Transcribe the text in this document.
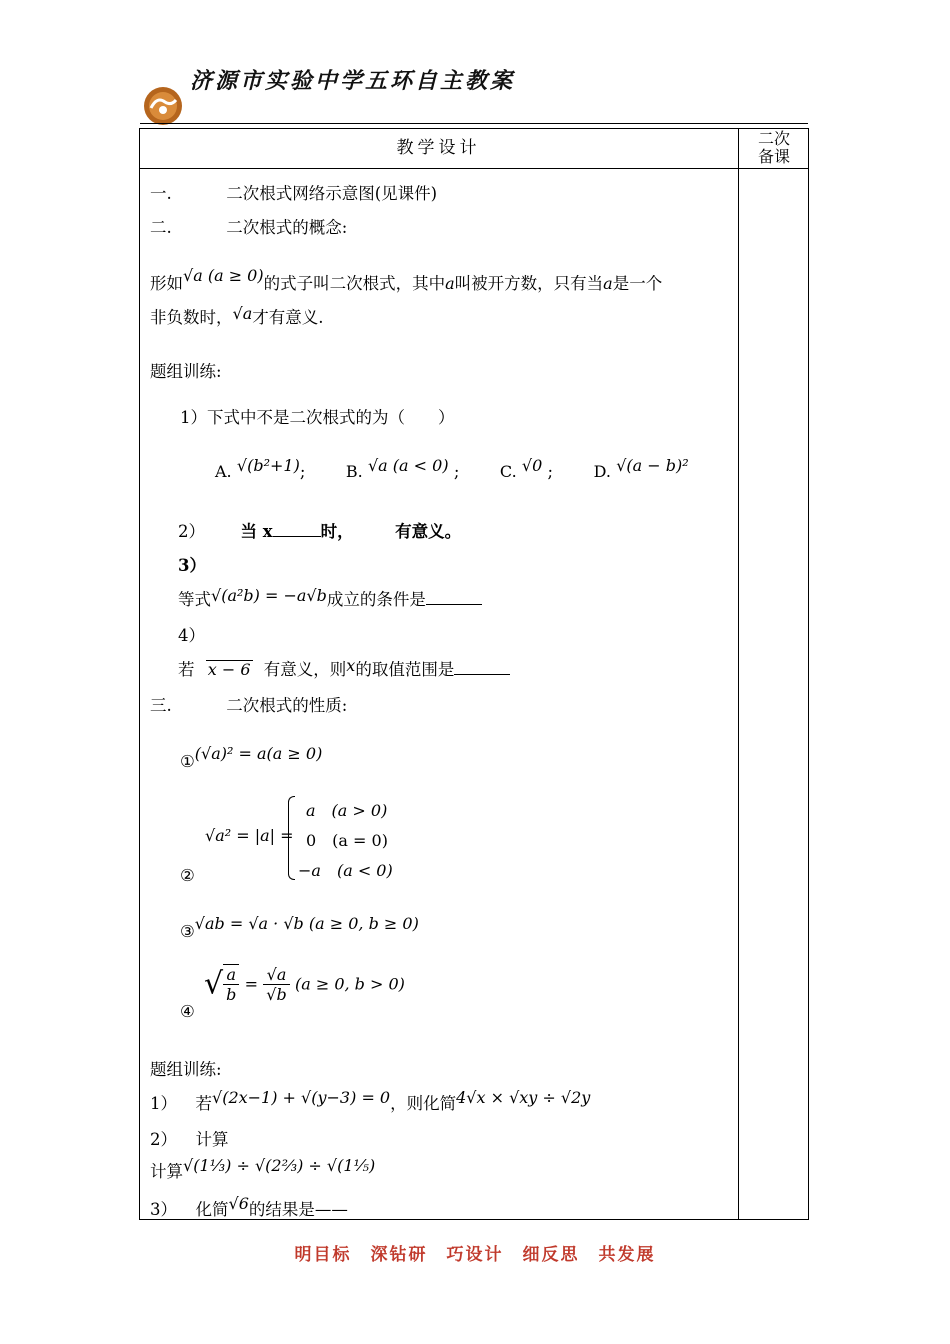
济源市实验中学五环自主教案
教学设计	二次备课
一.	二次根式网络示意图(见课件)
二.	二次根式的概念:
形如√a (a ≥ 0)的式子叫二次根式，其中a叫被开方数，只有当a是一个
非负数时，√a才有意义.
题组训练:
1）下式中不是二次根式的为（　　）
A. √(b²+1);	B. √a (a < 0) ;	C. √0 ;	D. √(a − b)²
2） 当 x	时，	有意义。
3）
等式√(a²b) = −a√b成立的条件是
4）
若 x − 6 有意义，则x的取值范围是
三.	二次根式的性质:
①(√a)² = a(a ≥ 0)
②
√a² = |a| =
a　(a > 0)
0　(a = 0)
−a　(a < 0)
③√ab = √a · √b (a ≥ 0, b ≥ 0)
④
√ $\frac{a}{b} = \frac{√a}{√b} (a \ge 0$, b > 0)
题组训练:
1） 若√(2x−1) + √(y−3) = 0，则化简4√x × √xy ÷ √2y
2） 计算
计算√(1⅓) ÷ √(2⅔) ÷ √(1⅕)
3） 化简√6的结果是——
明目标　深钻研　巧设计　细反思　共发展
